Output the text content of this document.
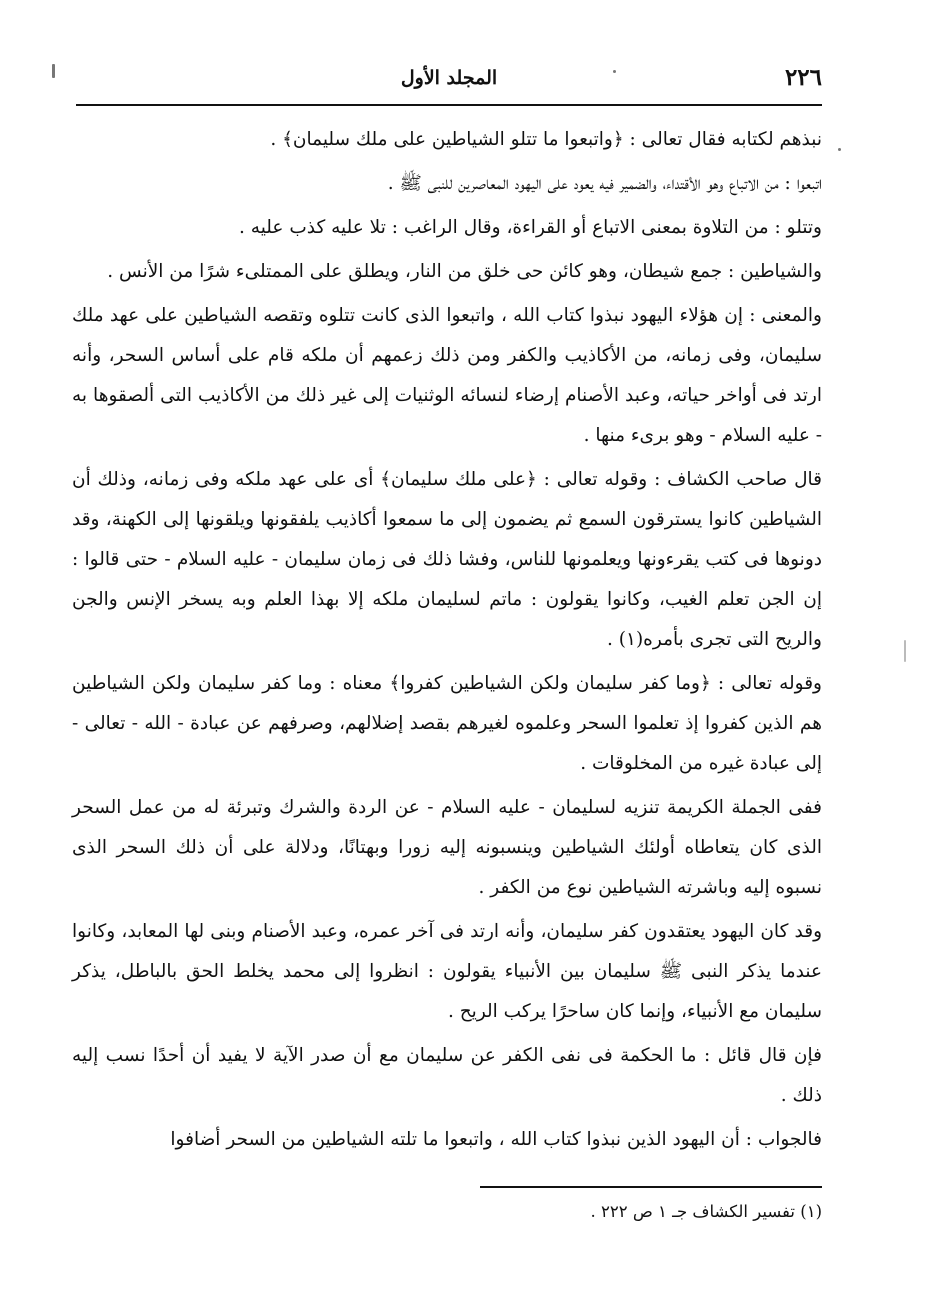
٢٢٦
المجلد الأول

نبذهم لكتابه فقال تعالى : ﴿واتبعوا ما تتلو الشياطين على ملك سليمان﴾ .

اتبعوا : من الاتباع وهو الأقتداء، والضمير فيه يعود على اليهود المعاصرين للنبى ﷺ .

وتتلو : من التلاوة بمعنى الاتباع أو القراءة، وقال الراغب : تلا عليه كذب عليه .

والشياطين : جمع شيطان، وهو كائن حى خلق من النار، ويطلق على الممتلىء شرًا من الأنس .

والمعنى : إن هؤلاء اليهود نبذوا كتاب الله ، واتبعوا الذى كانت تتلوه وتقصه الشياطين على عهد ملك سليمان، وفى زمانه، من الأكاذيب والكفر ومن ذلك زعمهم أن ملكه قام على أساس السحر، وأنه ارتد فى أواخر حياته، وعبد الأصنام إرضاء لنسائه الوثنيات إلى غير ذلك من الأكاذيب التى ألصقوها به - عليه السلام - وهو برىء منها .

قال صاحب الكشاف : وقوله تعالى : ﴿على ملك سليمان﴾ أى على عهد ملكه وفى زمانه، وذلك أن الشياطين كانوا يسترقون السمع ثم يضمون إلى ما سمعوا أكاذيب يلفقونها ويلقونها إلى الكهنة، وقد دونوها فى كتب يقرءونها ويعلمونها للناس، وفشا ذلك فى زمان سليمان - عليه السلام - حتى قالوا : إن الجن تعلم الغيب، وكانوا يقولون : ماتم لسليمان ملكه إلا بهذا العلم وبه يسخر الإنس والجن والريح التى تجرى بأمره(١) .

وقوله تعالى : ﴿وما كفر سليمان ولكن الشياطين كفروا﴾ معناه : وما كفر سليمان ولكن الشياطين هم الذين كفروا إذ تعلموا السحر وعلموه لغيرهم بقصد إضلالهم، وصرفهم عن عبادة - الله - تعالى - إلى عبادة غيره من المخلوقات .

ففى الجملة الكريمة تنزيه لسليمان - عليه السلام - عن الردة والشرك وتبرئة له من عمل السحر الذى كان يتعاطاه أولئك الشياطين وينسبونه إليه زورا وبهتانًا، ودلالة على أن ذلك السحر الذى نسبوه إليه وباشرته الشياطين نوع من الكفر .

وقد كان اليهود يعتقدون كفر سليمان، وأنه ارتد فى آخر عمره، وعبد الأصنام وبنى لها المعابد، وكانوا عندما يذكر النبى ﷺ سليمان بين الأنبياء يقولون : انظروا إلى محمد يخلط الحق بالباطل، يذكر سليمان مع الأنبياء، وإنما كان ساحرًا يركب الريح .

فإن قال قائل : ما الحكمة فى نفى الكفر عن سليمان مع أن صدر الآية لا يفيد أن أحدًا نسب إليه ذلك .

فالجواب : أن اليهود الذين نبذوا كتاب الله ، واتبعوا ما تلته الشياطين من السحر أضافوا

(١) تفسير الكشاف جـ ١ ص ٢٢٢ .
